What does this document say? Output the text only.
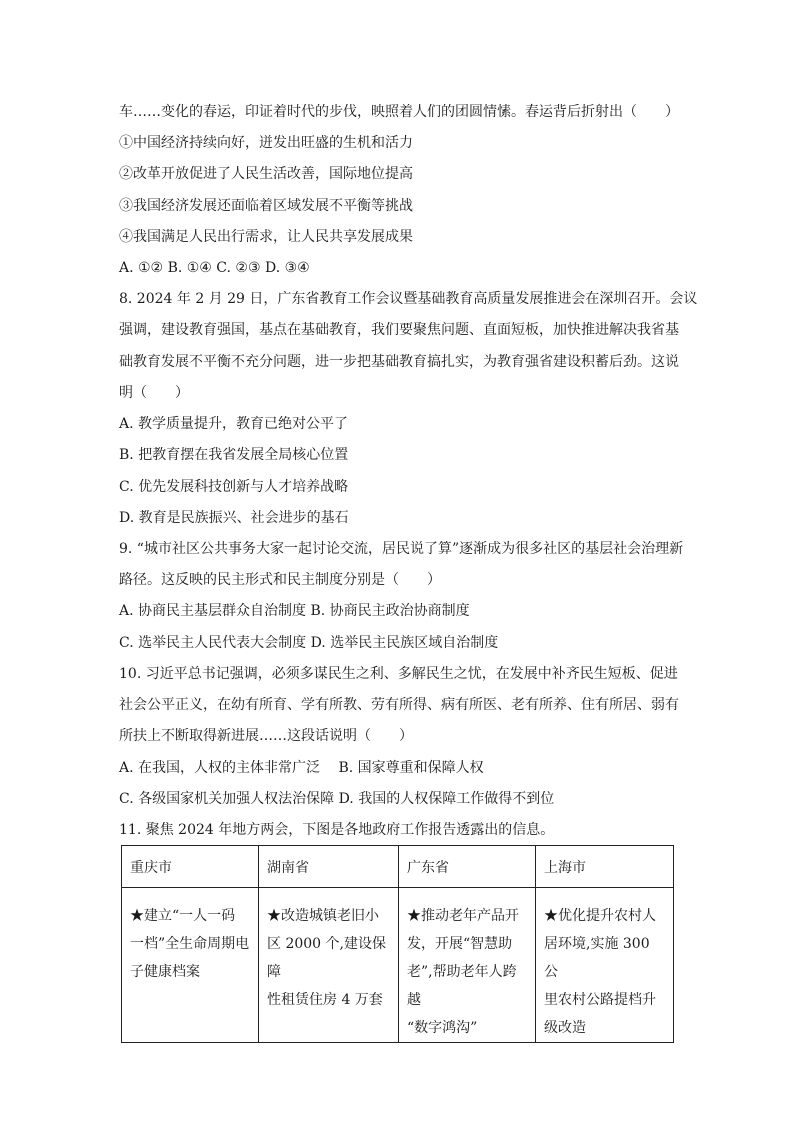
车……变化的春运，印证着时代的步伐，映照着人们的团圆情愫。春运背后折射出（　　）
①中国经济持续向好，迸发出旺盛的生机和活力
②改革开放促进了人民生活改善，国际地位提高
③我国经济发展还面临着区域发展不平衡等挑战
④我国满足人民出行需求，让人民共享发展成果
A. ①② B. ①④ C. ②③ D. ③④
8. 2024 年 2 月 29 日，广东省教育工作会议暨基础教育高质量发展推进会在深圳召开。会议
强调，建设教育强国，基点在基础教育，我们要聚焦问题、直面短板，加快推进解决我省基
础教育发展不平衡不充分问题，进一步把基础教育搞扎实，为教育强省建设积蓄后劲。这说
明（　　）
A. 教学质量提升，教育已绝对公平了
B. 把教育摆在我省发展全局核心位置
C. 优先发展科技创新与人才培养战略
D. 教育是民族振兴、社会进步的基石
9. “城市社区公共事务大家一起讨论交流，居民说了算”逐渐成为很多社区的基层社会治理新
路径。这反映的民主形式和民主制度分别是（　　）
A. 协商民主基层群众自治制度 B. 协商民主政治协商制度
C. 选举民主人民代表大会制度 D. 选举民主民族区域自治制度
10. 习近平总书记强调，必须多谋民生之利、多解民生之忧，在发展中补齐民生短板、促进
社会公平正义，在幼有所育、学有所教、劳有所得、病有所医、老有所养、住有所居、弱有
所扶上不断取得新进展……这段话说明（　　）
A. 在我国，人权的主体非常广泛　 B. 国家尊重和保障人权
C. 各级国家机关加强人权法治保障 D. 我国的人权保障工作做得不到位
11. 聚焦 2024 年地方两会，下图是各地政府工作报告透露出的信息。
重庆市	湖南省	广东省	上海市
★建立“一人一码
一档”全生命周期电
子健康档案	★改造城镇老旧小
区 2000 个,建设保障
性租赁住房 4 万套	★推动老年产品开
发，开展“智慧助
老”,帮助老年人跨越
“数字鸿沟”	★优化提升农村人
居环境,实施 300 公
里农村公路提档升
级改造
